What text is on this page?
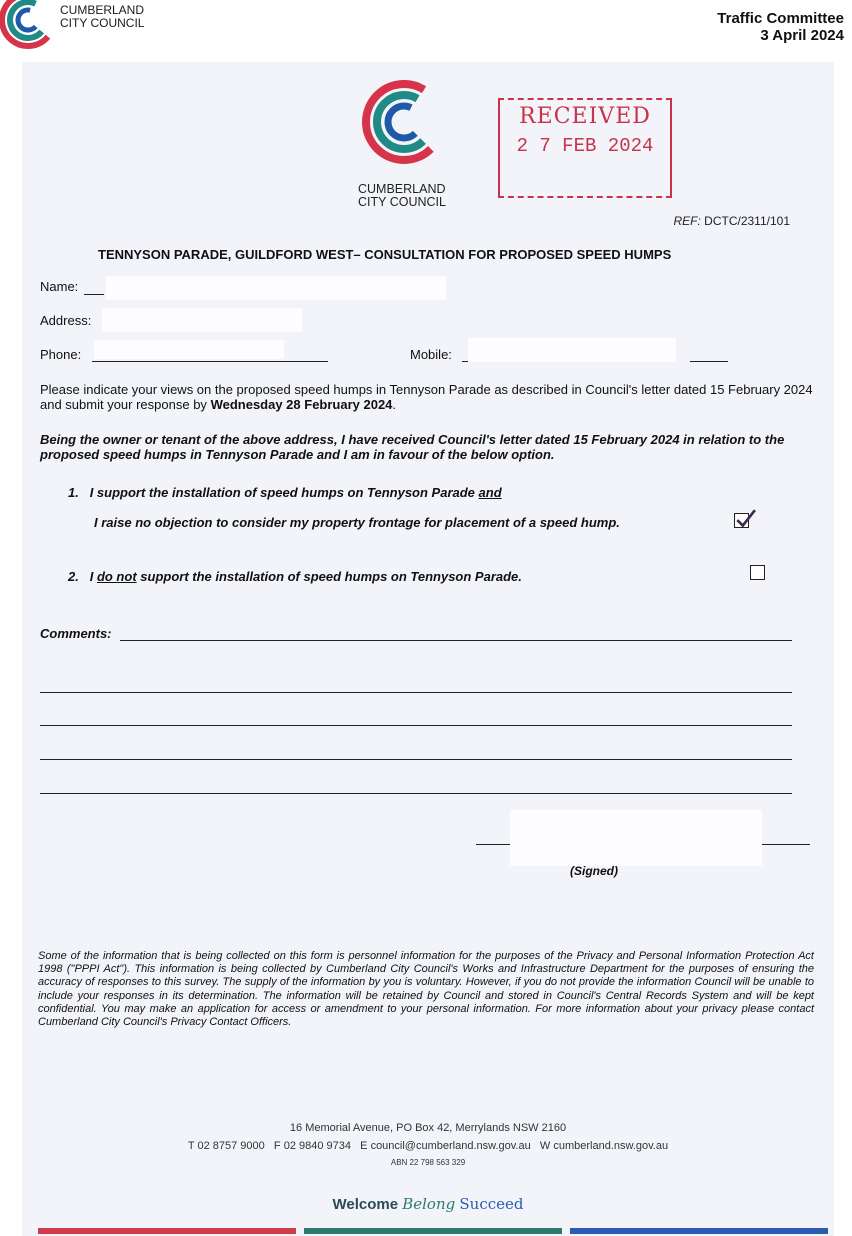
CUMBERLAND
CITY COUNCIL	Traffic Committee
3 April 2024
CUMBERLAND
CITY COUNCIL
RECEIVED
2 7 FEB 2024
REF: DCTC/2311/101
TENNYSON PARADE, GUILDFORD WEST– CONSULTATION FOR PROPOSED SPEED HUMPS
Name:
Address:
Phone:	Mobile:
Please indicate your views on the proposed speed humps in Tennyson Parade as described in Council's letter dated 15 February 2024 and submit your response by Wednesday 28 February 2024.
Being the owner or tenant of the above address, I have received Council's letter dated 15 February 2024 in relation to the proposed speed humps in Tennyson Parade and I am in favour of the below option.
1. I support the installation of speed humps on Tennyson Parade and
I raise no objection to consider my property frontage for placement of a speed hump.
2. I do not support the installation of speed humps on Tennyson Parade.
Comments:
(Signed)
Some of the information that is being collected on this form is personnel information for the purposes of the Privacy and Personal Information Protection Act 1998 ("PPPI Act"). This information is being collected by Cumberland City Council's Works and Infrastructure Department for the purposes of ensuring the accuracy of responses to this survey. The supply of the information by you is voluntary. However, if you do not provide the information Council will be unable to include your responses in its determination. The information will be retained by Council and stored in Council's Central Records System and will be kept confidential. You may make an application for access or amendment to your personal information. For more information about your privacy please contact Cumberland City Council's Privacy Contact Officers.
16 Memorial Avenue, PO Box 42, Merrylands NSW 2160
T 02 8757 9000 F 02 9840 9734 E council@cumberland.nsw.gov.au W cumberland.nsw.gov.au
ABN 22 798 563 329
Welcome Belong Succeed
